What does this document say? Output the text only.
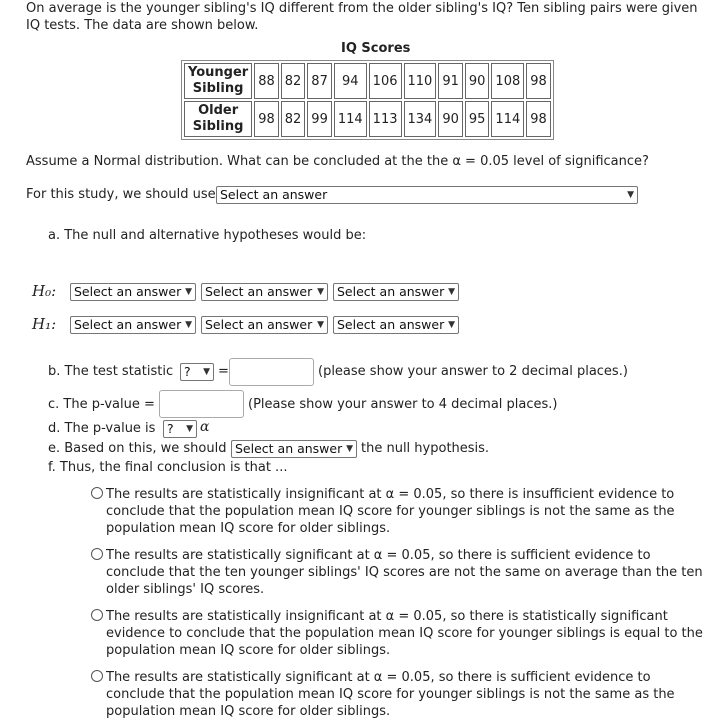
On average is the younger sibling's IQ different from the older sibling's IQ? Ten sibling pairs were given IQ tests. The data are shown below.
IQ Scores
Younger
Sibling	88	82	87	94	106	110	91	90	108	98

Older
Sibling	98	82	99	114	113	134	90	95	114	98
Assume a Normal distribution. What can be concluded at the the α = 0.05 level of significance?
For this study, we should use Select an answer	▼
a. The null and alternative hypotheses would be:
H₀:	Select an answer ▼	Select an answer ▼	Select an answer ▼
H₁:	Select an answer ▼	Select an answer ▼	Select an answer ▼
b. The test statistic ? ▼ =	(please show your answer to 2 decimal places.)
c. The p-value =	(Please show your answer to 4 decimal places.)
d. The p-value is ? ▼ α
e. Based on this, we should Select an answer ▼ the null hypothesis.
f. Thus, the final conclusion is that ...
The results are statistically insignificant at α = 0.05, so there is insufficient evidence to conclude that the population mean IQ score for younger siblings is not the same as the population mean IQ score for older siblings.
The results are statistically significant at α = 0.05, so there is sufficient evidence to conclude that the ten younger siblings' IQ scores are not the same on average than the ten older siblings' IQ scores.
The results are statistically insignificant at α = 0.05, so there is statistically significant evidence to conclude that the population mean IQ score for younger siblings is equal to the population mean IQ score for older siblings.
The results are statistically significant at α = 0.05, so there is sufficient evidence to conclude that the population mean IQ score for younger siblings is not the same as the population mean IQ score for older siblings.
